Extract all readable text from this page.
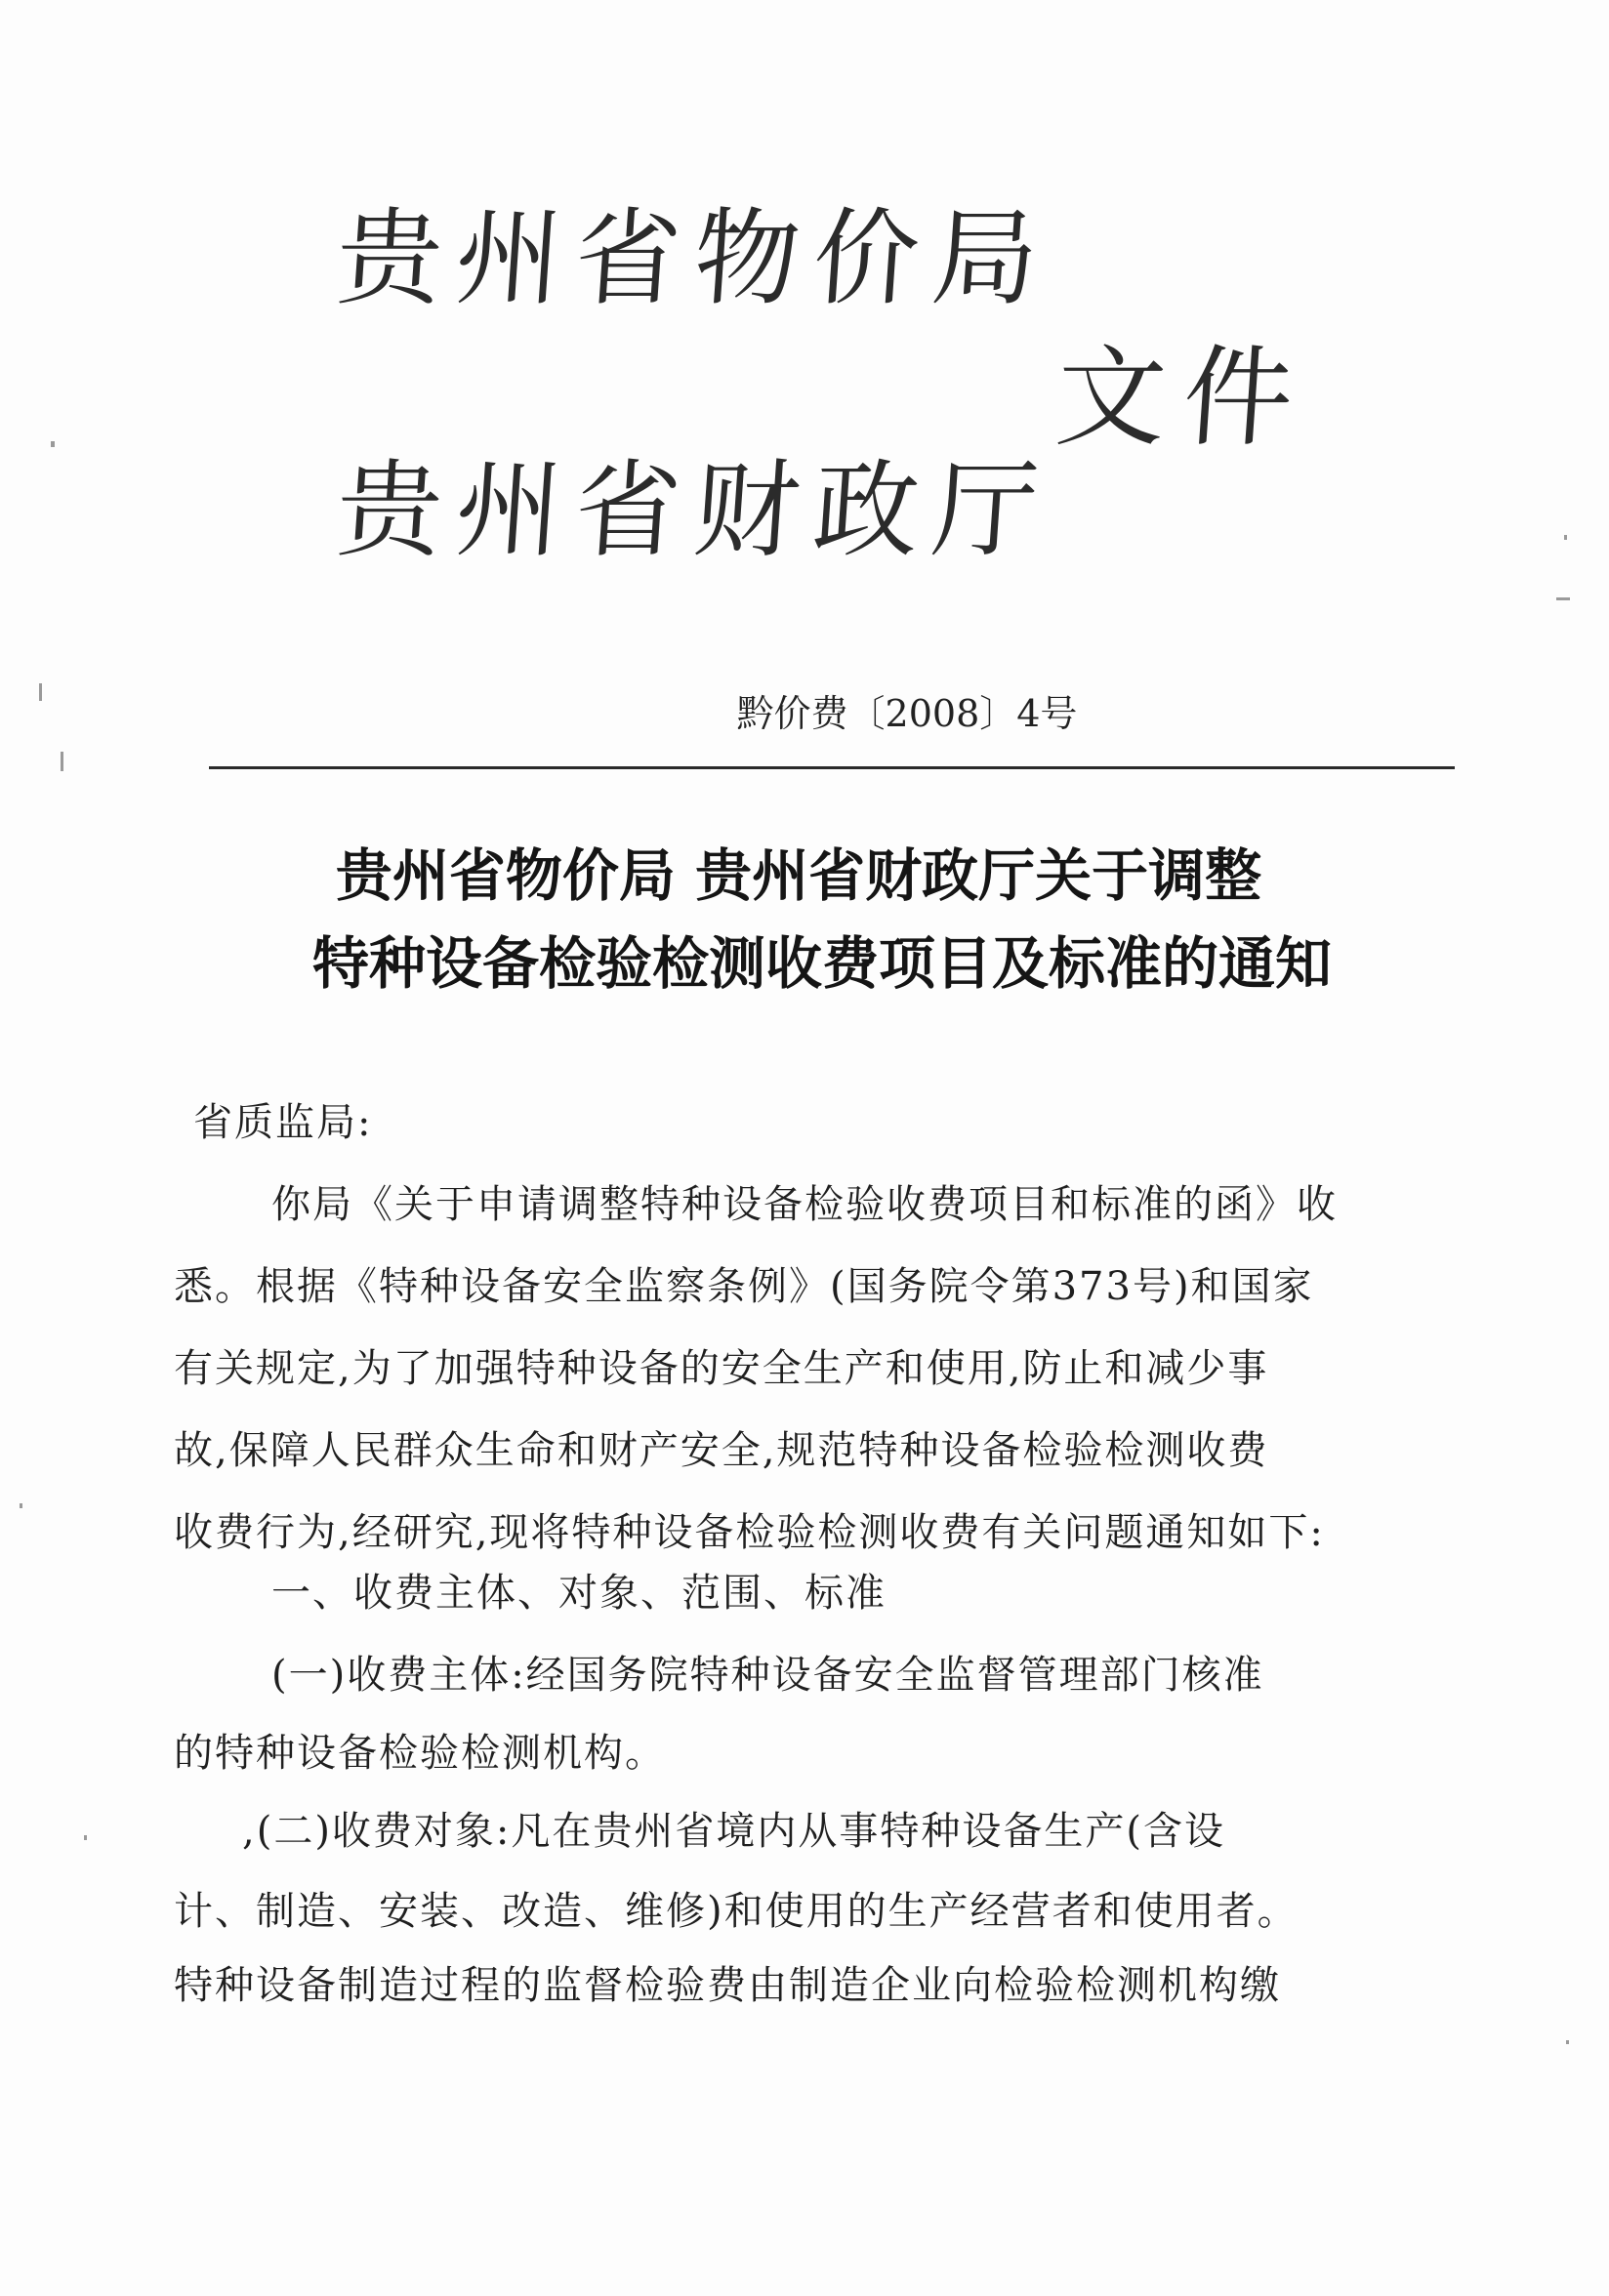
贵州省物价局
文件
贵州省财政厅
黔价费〔2008〕4号
贵州省物价局 贵州省财政厅关于调整
特种设备检验检测收费项目及标准的通知
省质监局:
你局《关于申请调整特种设备检验收费项目和标准的函》收
悉。根据《特种设备安全监察条例》(国务院令第373号)和国家
有关规定,为了加强特种设备的安全生产和使用,防止和减少事
故,保障人民群众生命和财产安全,规范特种设备检验检测收费
收费行为,经研究,现将特种设备检验检测收费有关问题通知如下:
一、收费主体、对象、范围、标准
(一)收费主体:经国务院特种设备安全监督管理部门核准
的特种设备检验检测机构。
,(二)收费对象:凡在贵州省境内从事特种设备生产(含设
计、制造、安装、改造、维修)和使用的生产经营者和使用者。
特种设备制造过程的监督检验费由制造企业向检验检测机构缴
